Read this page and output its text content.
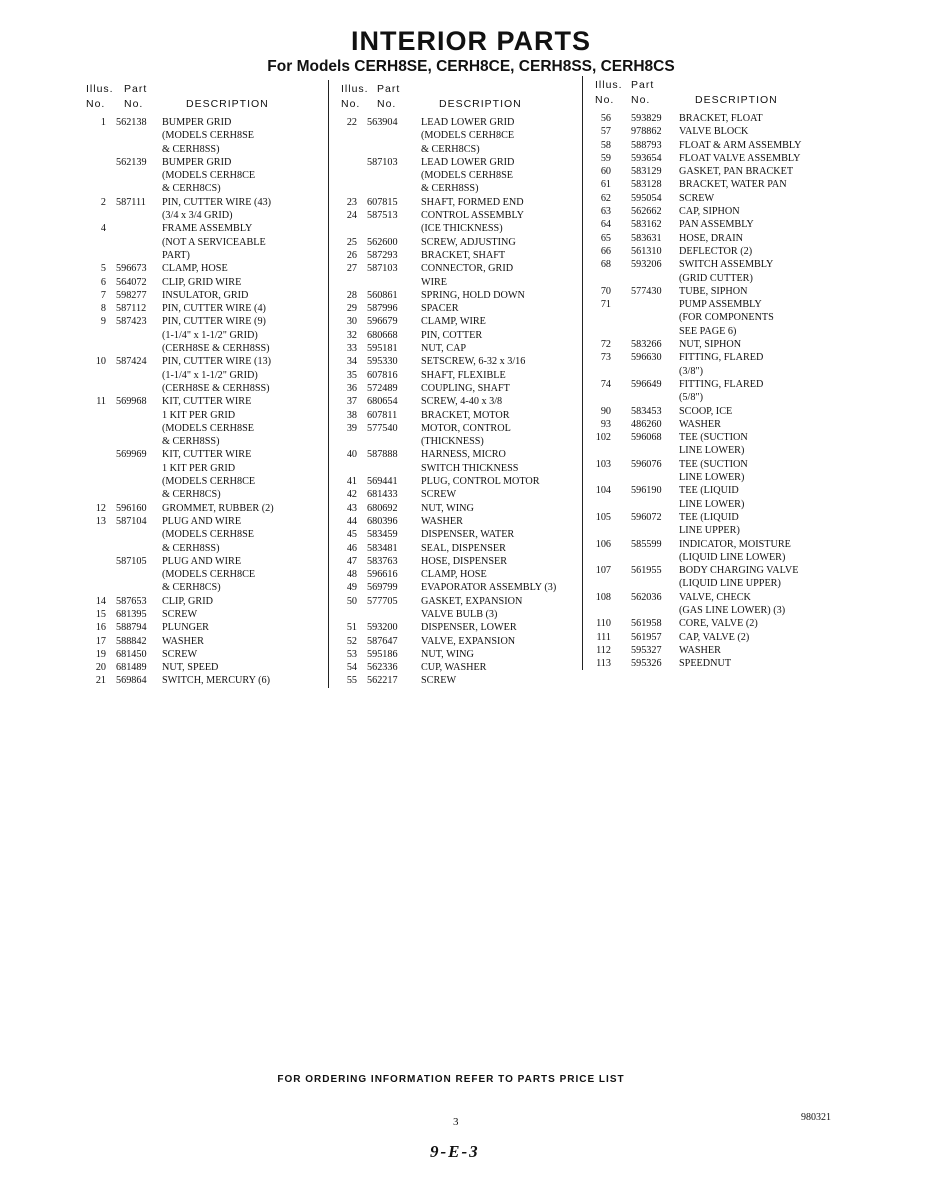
INTERIOR PARTS
For Models CERH8SE, CERH8CE, CERH8SS, CERH8CS
Illus. Part
No. No.	DESCRIPTION
1 562138 BUMPER GRID
(MODELS CERH8SE
& CERH8SS)
562139 BUMPER GRID
(MODELS CERH8CE
& CERH8CS)
2 587111 PIN, CUTTER WIRE (43)
(3/4 x 3/4 GRID)
4	FRAME ASSEMBLY
(NOT A SERVICEABLE
PART)
5 596673 CLAMP, HOSE
6 564072 CLIP, GRID WIRE
7 598277 INSULATOR, GRID
8 587112 PIN, CUTTER WIRE (4)
9 587423 PIN, CUTTER WIRE (9)
(1-1/4" x 1-1/2" GRID)
(CERH8SE & CERH8SS)
10 587424 PIN, CUTTER WIRE (13)
(1-1/4" x 1-1/2" GRID)
(CERH8SE & CERH8SS)
11 569968 KIT, CUTTER WIRE
1 KIT PER GRID
(MODELS CERH8SE
& CERH8SS)
569969 KIT, CUTTER WIRE
1 KIT PER GRID
(MODELS CERH8CE
& CERH8CS)
12 596160 GROMMET, RUBBER (2)
13 587104 PLUG AND WIRE
(MODELS CERH8SE
& CERH8SS)
587105 PLUG AND WIRE
(MODELS CERH8CE
& CERH8CS)
14 587653 CLIP, GRID
15 681395 SCREW
16 588794 PLUNGER
17 588842 WASHER
19 681450 SCREW
20 681489 NUT, SPEED
21 569864 SWITCH, MERCURY (6)
Illus. Part
No. No.	DESCRIPTION
22 563904 LEAD LOWER GRID
(MODELS CERH8CE
& CERH8CS)
587103 LEAD LOWER GRID
(MODELS CERH8SE
& CERH8SS)
23 607815 SHAFT, FORMED END
24 587513 CONTROL ASSEMBLY
(ICE THICKNESS)
25 562600 SCREW, ADJUSTING
26 587293 BRACKET, SHAFT
27 587103 CONNECTOR, GRID
WIRE
28 560861 SPRING, HOLD DOWN
29 587996 SPACER
30 596679 CLAMP, WIRE
32 680668 PIN, COTTER
33 595181 NUT, CAP
34 595330 SETSCREW, 6-32 x 3/16
35 607816 SHAFT, FLEXIBLE
36 572489 COUPLING, SHAFT
37 680654 SCREW, 4-40 x 3/8
38 607811 BRACKET, MOTOR
39 577540 MOTOR, CONTROL
(THICKNESS)
40 587888 HARNESS, MICRO
SWITCH THICKNESS
41 569441 PLUG, CONTROL MOTOR
42 681433 SCREW
43 680692 NUT, WING
44 680396 WASHER
45 583459 DISPENSER, WATER
46 583481 SEAL, DISPENSER
47 583763 HOSE, DISPENSER
48 596616 CLAMP, HOSE
49 569799 EVAPORATOR ASSEMBLY (3)
50 577705 GASKET, EXPANSION
VALVE BULB (3)
51 593200 DISPENSER, LOWER
52 587647 VALVE, EXPANSION
53 595186 NUT, WING
54 562336 CUP, WASHER
55 562217 SCREW
Illus. Part
No. No.	DESCRIPTION
56 593829 BRACKET, FLOAT
57 978862 VALVE BLOCK
58 588793 FLOAT & ARM ASSEMBLY
59 593654 FLOAT VALVE ASSEMBLY
60 583129 GASKET, PAN BRACKET
61 583128 BRACKET, WATER PAN
62 595054 SCREW
63 562662 CAP, SIPHON
64 583162 PAN ASSEMBLY
65 583631 HOSE, DRAIN
66 561310 DEFLECTOR (2)
68 593206 SWITCH ASSEMBLY
(GRID CUTTER)
70 577430 TUBE, SIPHON
71	PUMP ASSEMBLY
(FOR COMPONENTS
SEE PAGE 6)
72 583266 NUT, SIPHON
73 596630 FITTING, FLARED
(3/8")
74 596649 FITTING, FLARED
(5/8")
90 583453 SCOOP, ICE
93 486260 WASHER
102 596068 TEE (SUCTION
LINE LOWER)
103 596076 TEE (SUCTION
LINE LOWER)
104 596190 TEE (LIQUID
LINE LOWER)
105 596072 TEE (LIQUID
LINE UPPER)
106 585599 INDICATOR, MOISTURE
(LIQUID LINE LOWER)
107 561955 BODY CHARGING VALVE
(LIQUID LINE UPPER)
108 562036 VALVE, CHECK
(GAS LINE LOWER) (3)
110 561958 CORE, VALVE (2)
111 561957 CAP, VALVE (2)
112 595327 WASHER
113 595326 SPEEDNUT
FOR ORDERING INFORMATION REFER TO PARTS PRICE LIST
3	980321
9-E-3
